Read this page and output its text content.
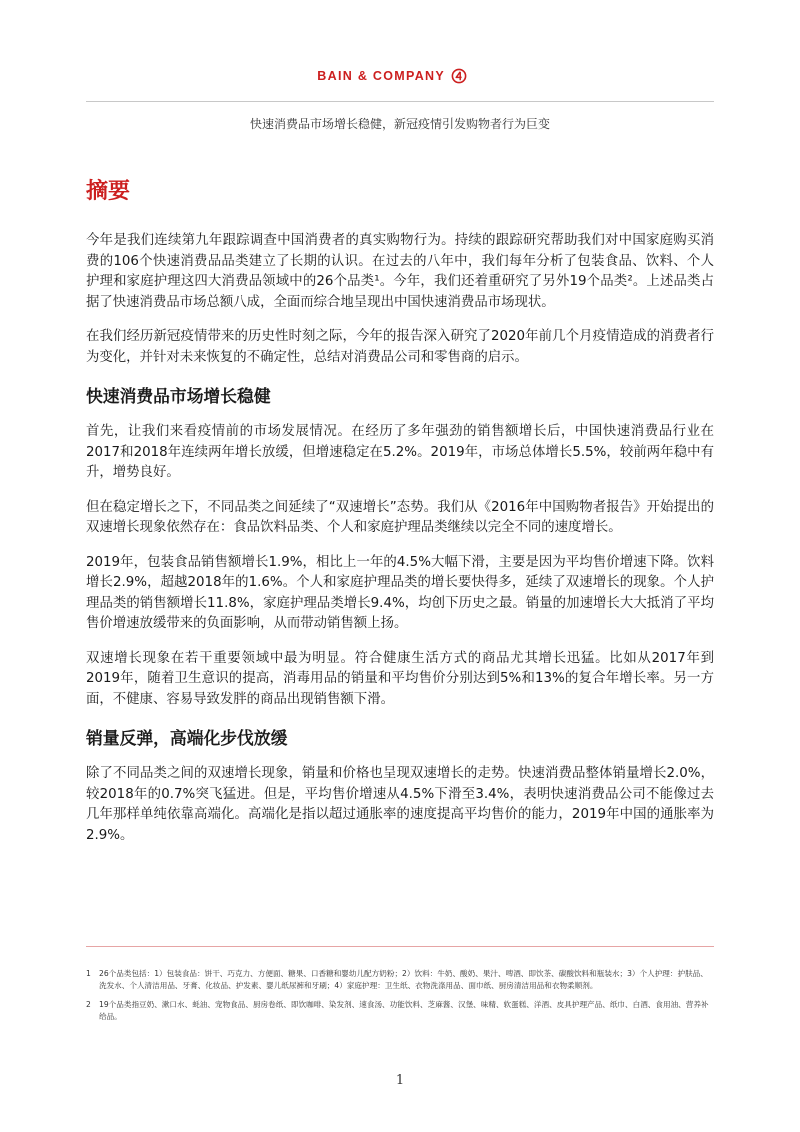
BAIN & COMPANY
快速消费品市场增长稳健，新冠疫情引发购物者行为巨变
摘要

今年是我们连续第九年跟踪调查中国消费者的真实购物行为。持续的跟踪研究帮助我们对中国家庭购买消费的106个快速消费品品类建立了长期的认识。在过去的八年中，我们每年分析了包装食品、饮料、个人护理和家庭护理这四大消费品领域中的26个品类¹。今年，我们还着重研究了另外19个品类²。上述品类占据了快速消费品市场总额八成，全面而综合地呈现出中国快速消费品市场现状。

在我们经历新冠疫情带来的历史性时刻之际，今年的报告深入研究了2020年前几个月疫情造成的消费者行为变化，并针对未来恢复的不确定性，总结对消费品公司和零售商的启示。

快速消费品市场增长稳健

首先，让我们来看疫情前的市场发展情况。在经历了多年强劲的销售额增长后，中国快速消费品行业在2017和2018年连续两年增长放缓，但增速稳定在5.2%。2019年，市场总体增长5.5%，较前两年稳中有升，增势良好。

但在稳定增长之下，不同品类之间延续了“双速增长”态势。我们从《2016年中国购物者报告》开始提出的双速增长现象依然存在：食品饮料品类、个人和家庭护理品类继续以完全不同的速度增长。

2019年，包装食品销售额增长1.9%，相比上一年的4.5%大幅下滑，主要是因为平均售价增速下降。饮料增长2.9%，超越2018年的1.6%。个人和家庭护理品类的增长要快得多，延续了双速增长的现象。个人护理品类的销售额增长11.8%，家庭护理品类增长9.4%，均创下历史之最。销量的加速增长大大抵消了平均售价增速放缓带来的负面影响，从而带动销售额上扬。

双速增长现象在若干重要领域中最为明显。符合健康生活方式的商品尤其增长迅猛。比如从2017年到2019年，随着卫生意识的提高，消毒用品的销量和平均售价分别达到5%和13%的复合年增长率。另一方面，不健康、容易导致发胖的商品出现销售额下滑。

销量反弹，高端化步伐放缓

除了不同品类之间的双速增长现象，销量和价格也呈现双速增长的走势。快速消费品整体销量增长2.0%，较2018年的0.7%突飞猛进。但是，平均售价增速从4.5%下滑至3.4%，表明快速消费品公司不能像过去几年那样单纯依靠高端化。高端化是指以超过通胀率的速度提高平均售价的能力，2019年中国的通胀率为2.9%。

1	26个品类包括：1）包装食品：饼干、巧克力、方便面、糖果、口香糖和婴幼儿配方奶粉；2）饮料：牛奶、酸奶、果汁、啤酒、即饮茶、碳酸饮料和瓶装水；3）个人护理：护肤品、洗发水、个人清洁用品、牙膏、化妆品、护发素、婴儿纸尿裤和牙刷；4）家庭护理：卫生纸、衣物洗涤用品、面巾纸、厨房清洁用品和衣物柔顺剂。
2	19个品类指豆奶、漱口水、蚝油、宠物食品、厨房卷纸、即饮咖啡、染发剂、速食汤、功能饮料、芝麻酱、汉堡、味精、软蛋糕、洋酒、皮具护理产品、纸巾、白酒、食用油、营养补给品。
1
